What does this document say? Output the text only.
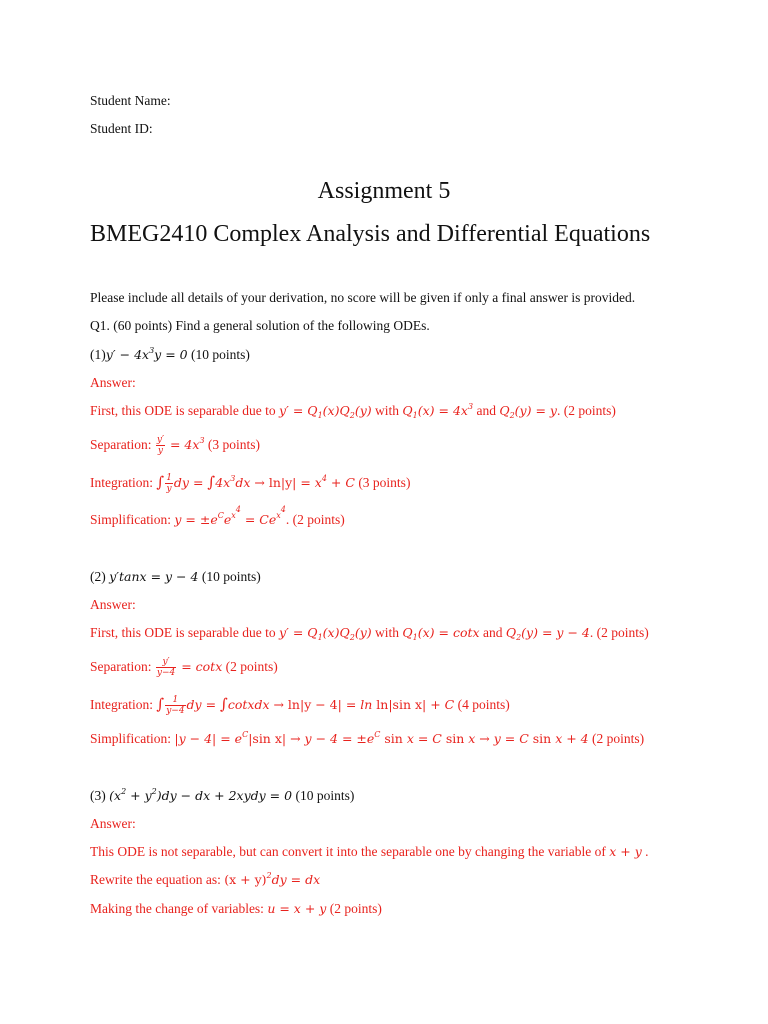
Student Name:
Student ID:
Assignment 5
BMEG2410 Complex Analysis and Differential Equations
Please include all details of your derivation, no score will be given if only a final answer is provided.
Q1. (60 points) Find a general solution of the following ODEs.
$(1)y' - 4x^3y = 0$ (10 points)
Answer:
First, this ODE is separable due to $y' = Q_1(x)Q_2(y)$ with $Q_1(x) = 4x^3$ and $Q_2(y) = y$. (2 points)
Separation: $\frac{y'}{y} = 4x^3$ (3 points)
Integration: ∫ $\frac{1}{y}$ dy = $\int 4x^3dx \to \ln|y| = x^4 + C$ (3 points)
Simplification: $y = \pm e^Ce^{x^4} = Ce^{x^4}$. (2 points)
(2) y′tanx = y − 4 (10 points)
Answer:
First, this ODE is separable due to $y' = Q_1(x)Q_2(y)$ with $Q_1(x) = \cot x$ and $Q_2(y) = y - 4$. (2 points)
Separation: $\frac{y'}{y-4} = \cot x$ (2 points)
Integration: ∫ $\frac{1}{y-4}$ dy = ∫cotxdx → ln|y − 4| = ln ln|sin x| + C (4 points)
Simplification: $|y - 4| = e^C|\sin$ $x| \to y - 4 = \pm e^C$ sin x = C sin x → y = C sin x + 4 (2 points)
(3) $(x^2 + y^2)dy$ − dx + 2xydy = 0 (10 points)
Answer:
This ODE is not separable, but can convert it into the separable one by changing the variable of x + y .
Rewrite the equation as: $(x + y)^2dy$ = dx
Making the change of variables: u = x + y (2 points)
